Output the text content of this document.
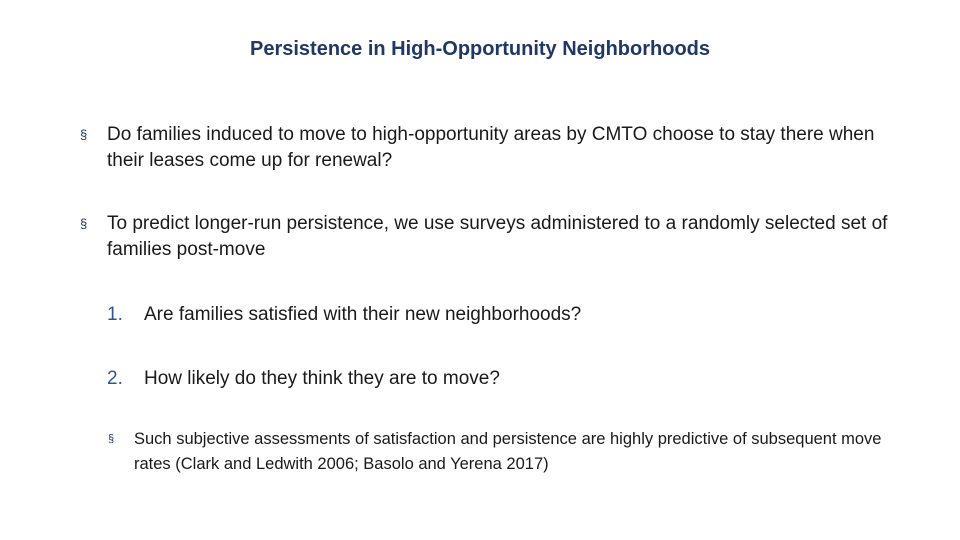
Persistence in High-Opportunity Neighborhoods
§ Do families induced to move to high-opportunity areas by CMTO choose to stay there when their leases come up for renewal?
§ To predict longer-run persistence, we use surveys administered to a randomly selected set of families post-move
1. Are families satisfied with their new neighborhoods?
2. How likely do they think they are to move?
§ Such subjective assessments of satisfaction and persistence are highly predictive of subsequent move rates (Clark and Ledwith 2006; Basolo and Yerena 2017)
